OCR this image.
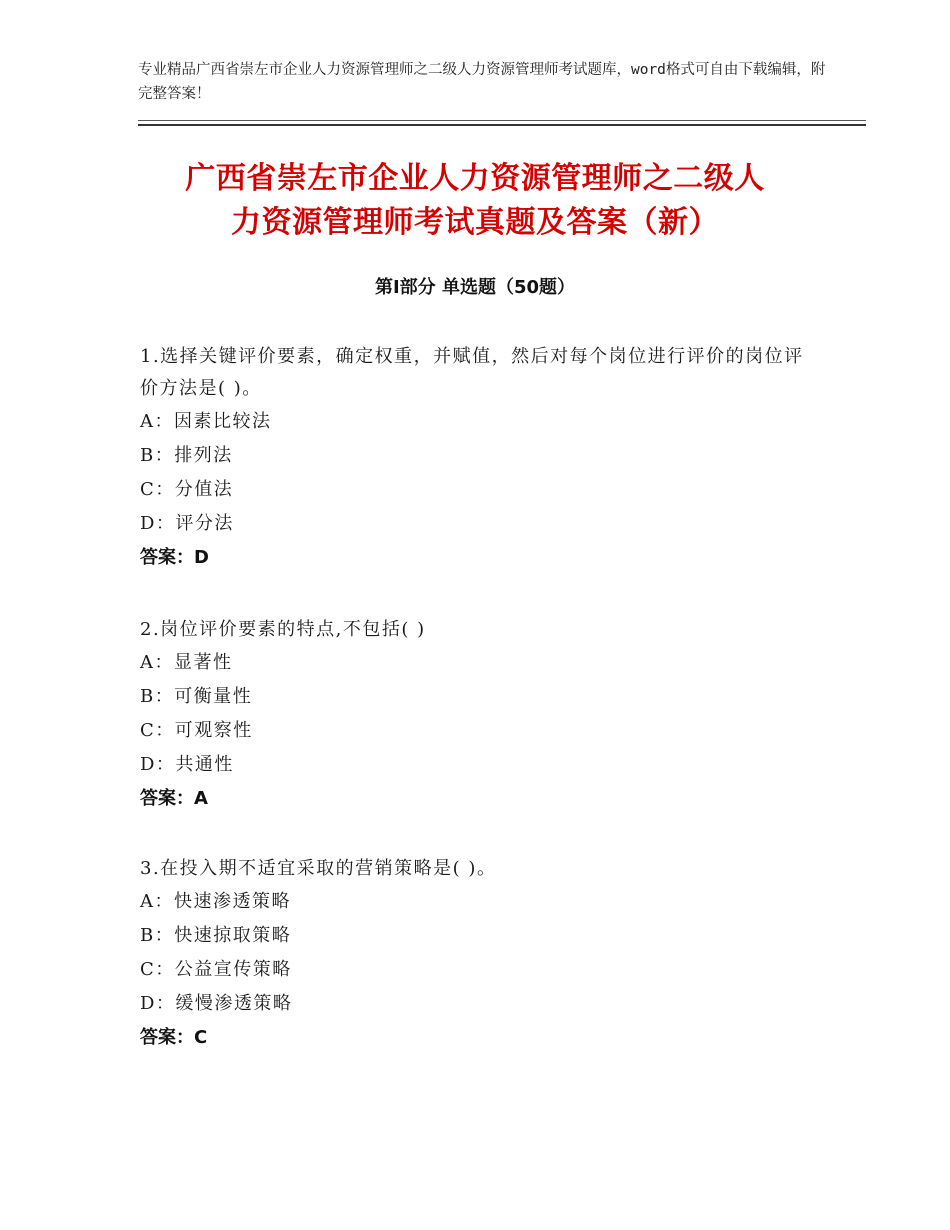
专业精品广西省崇左市企业人力资源管理师之二级人力资源管理师考试题库，word格式可自由下载编辑，附完整答案！
广西省崇左市企业人力资源管理师之二级人
力资源管理师考试真题及答案（新）
第Ⅰ部分 单选题（50题）
1.选择关键评价要素，确定权重，并赋值，然后对每个岗位进行评价的岗位评价方法是( )。
A：因素比较法
B：排列法
C：分值法
D：评分法
答案：D
2.岗位评价要素的特点,不包括( )
A：显著性
B：可衡量性
C：可观察性
D：共通性
答案：A
3.在投入期不适宜采取的营销策略是( )。
A：快速渗透策略
B：快速掠取策略
C：公益宣传策略
D：缓慢渗透策略
答案：C
